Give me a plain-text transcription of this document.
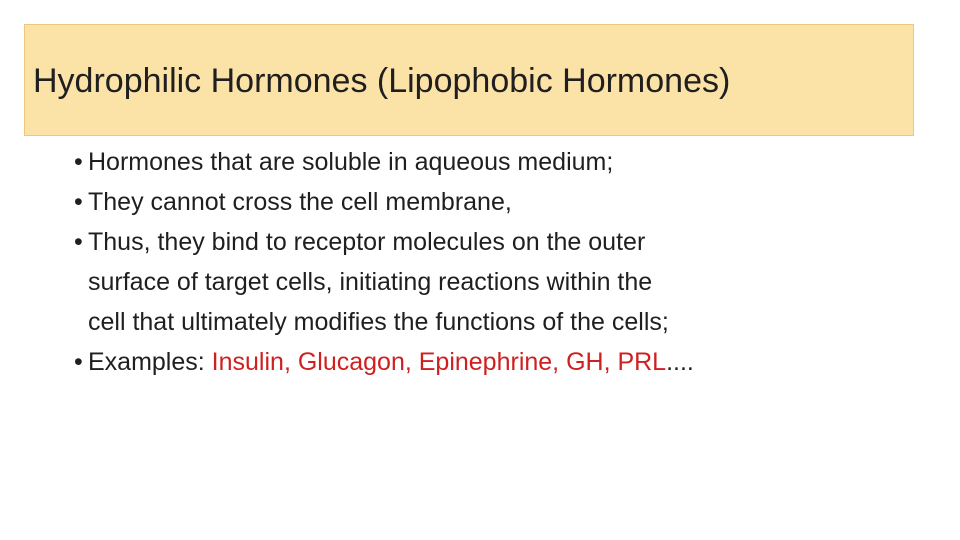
Hydrophilic Hormones (Lipophobic Hormones)
• Hormones that are soluble in aqueous medium;
• They cannot cross the cell membrane,
• Thus, they bind to receptor molecules on the outer
surface of target cells, initiating reactions within the
cell that ultimately modifies the functions of the cells;
• Examples: Insulin, Glucagon, Epinephrine, GH, PRL....
